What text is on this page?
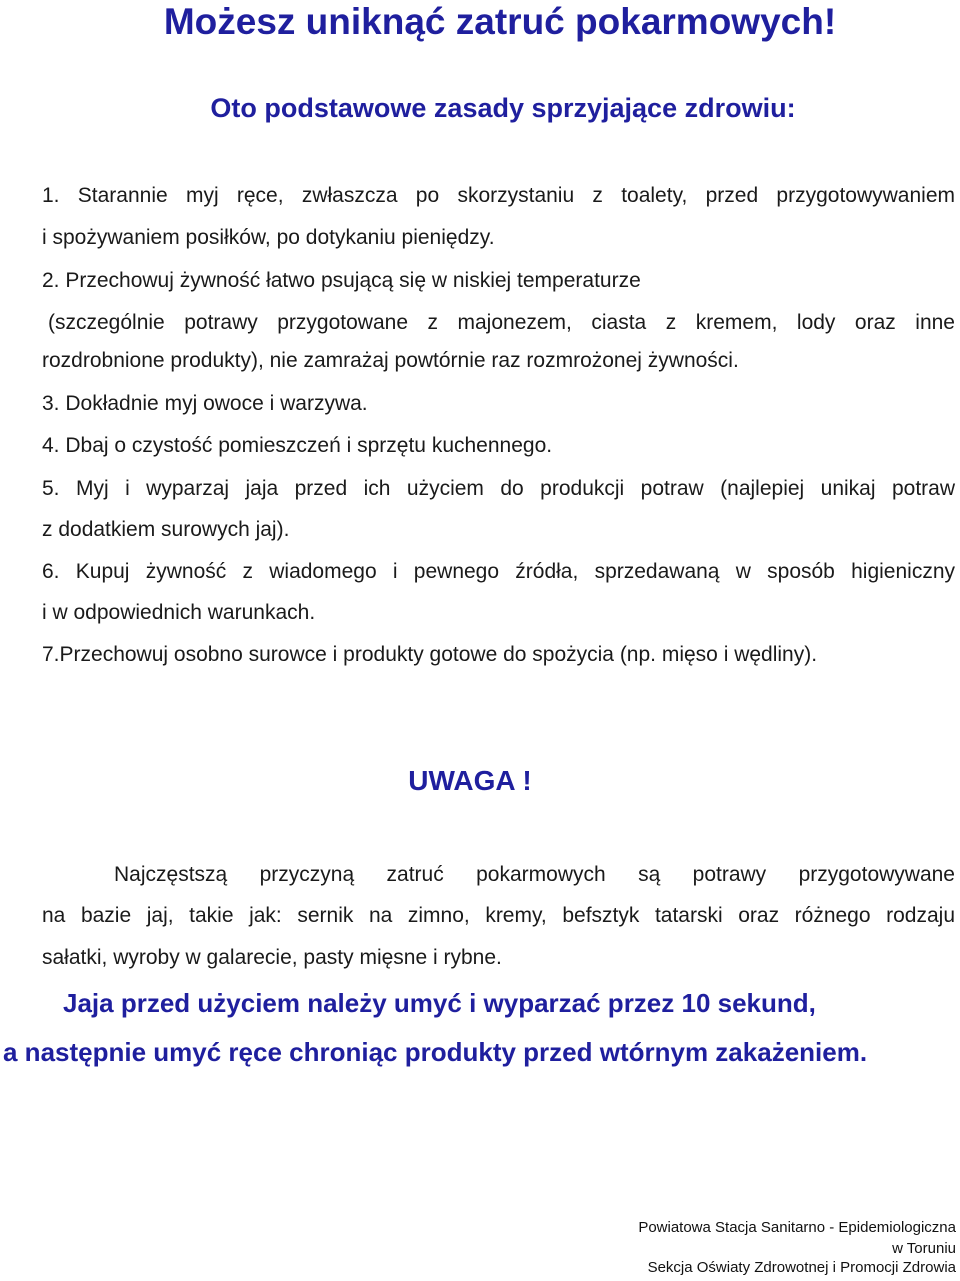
Możesz uniknąć zatruć pokarmowych!
Oto podstawowe zasady sprzyjające zdrowiu:
1. Starannie myj ręce, zwłaszcza po skorzystaniu z toalety, przed przygotowywaniem
i spożywaniem posiłków, po dotykaniu pieniędzy.
2. Przechowuj żywność łatwo psującą się w niskiej temperaturze
(szczególnie potrawy przygotowane z majonezem, ciasta z kremem, lody oraz inne
rozdrobnione produkty), nie zamrażaj powtórnie raz rozmrożonej żywności.
3. Dokładnie myj owoce i warzywa.
4. Dbaj o czystość pomieszczeń i sprzętu kuchennego.
5. Myj i wyparzaj jaja przed ich użyciem do produkcji potraw (najlepiej unikaj potraw
z dodatkiem surowych jaj).
6. Kupuj żywność z wiadomego i pewnego źródła, sprzedawaną w sposób higieniczny
i w odpowiednich warunkach.
7.Przechowuj osobno surowce i produkty gotowe do spożycia (np. mięso i wędliny).
UWAGA !
Najczęstszą przyczyną zatruć pokarmowych są potrawy przygotowywane
na bazie jaj, takie jak: sernik na zimno, kremy, befsztyk tatarski oraz różnego rodzaju
sałatki, wyroby w galarecie, pasty mięsne i rybne.
Jaja przed użyciem należy umyć i wyparzać przez 10 sekund,
a następnie umyć ręce chroniąc produkty przed wtórnym zakażeniem.
Powiatowa Stacja Sanitarno - Epidemiologiczna
w Toruniu
Sekcja Oświaty Zdrowotnej i Promocji Zdrowia
